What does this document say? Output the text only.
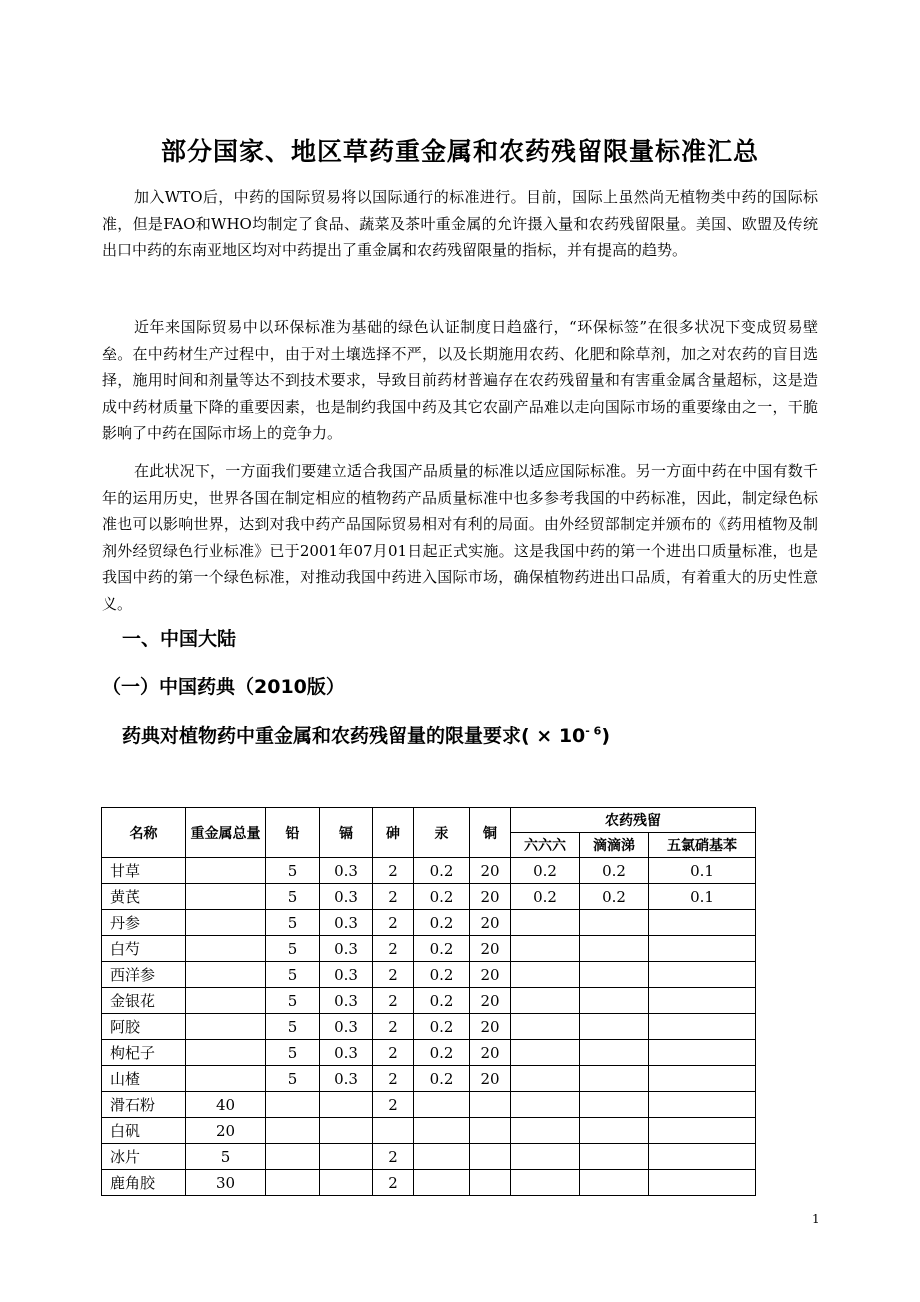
部分国家、地区草药重金属和农药残留限量标准汇总

加入WTO后，中药的国际贸易将以国际通行的标准进行。目前，国际上虽然尚无植物类中药的国际标准，但是FAO和WHO均制定了食品、蔬菜及茶叶重金属的允许摄入量和农药残留限量。美国、欧盟及传统出口中药的东南亚地区均对中药提出了重金属和农药残留限量的指标，并有提高的趋势。

近年来国际贸易中以环保标准为基础的绿色认证制度日趋盛行，“环保标签”在很多状况下变成贸易壁垒。在中药材生产过程中，由于对土壤选择不严，以及长期施用农药、化肥和除草剂，加之对农药的盲目选择，施用时间和剂量等达不到技术要求，导致目前药材普遍存在农药残留量和有害重金属含量超标，这是造成中药材质量下降的重要因素，也是制约我国中药及其它农副产品难以走向国际市场的重要缘由之一，干脆影响了中药在国际市场上的竞争力。

在此状况下，一方面我们要建立适合我国产品质量的标准以适应国际标准。另一方面中药在中国有数千年的运用历史，世界各国在制定相应的植物药产品质量标准中也多参考我国的中药标准，因此，制定绿色标准也可以影响世界，达到对我中药产品国际贸易相对有利的局面。由外经贸部制定并颁布的《药用植物及制剂外经贸绿色行业标准》已于2001年07月01日起正式实施。这是我国中药的第一个进出口质量标准，也是我国中药的第一个绿色标准，对推动我国中药进入国际市场，确保植物药进出口品质，有着重大的历史性意义。

一、中国大陆
（一）中国药典（2010版）
药典对植物药中重金属和农药残留量的限量要求( × $10^{- 6}$)
名称	重金属总量	铅	镉	砷	汞	铜	农药残留		
							六六六	滴滴涕	五氯硝基苯
甘草		5	0.3	2	0.2	20	0.2	0.2	0.1
黄芪		5	0.3	2	0.2	20	0.2	0.2	0.1
丹参		5	0.3	2	0.2	20			
白芍		5	0.3	2	0.2	20			
西洋参		5	0.3	2	0.2	20			
金银花		5	0.3	2	0.2	20			
阿胶		5	0.3	2	0.2	20			
枸杞子		5	0.3	2	0.2	20			
山楂		5	0.3	2	0.2	20			
滑石粉	40			2					
白矾	20								
冰片	5			2					
鹿角胶	30			2					
1
